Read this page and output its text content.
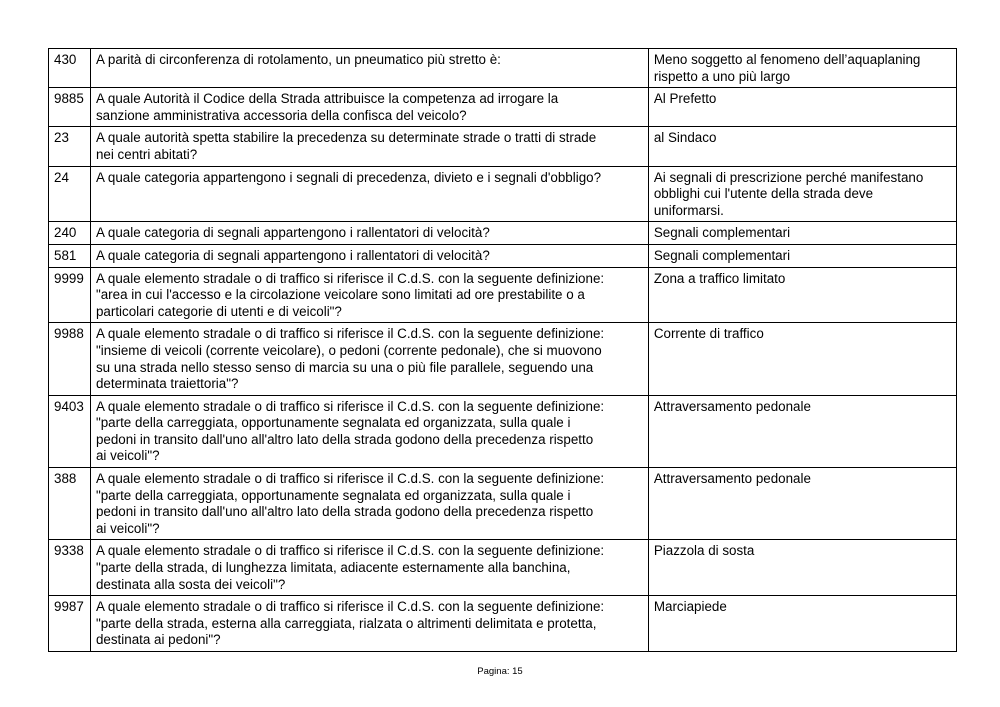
430	A parità di circonferenza di rotolamento, un pneumatico più stretto è:	Meno soggetto al fenomeno dell’aquaplaning
rispetto a uno più largo
9885	A quale Autorità il Codice della Strada attribuisce la competenza ad irrogare la
sanzione amministrativa accessoria della confisca del veicolo?	Al Prefetto
23	A quale autorità spetta stabilire la precedenza su determinate strade o tratti di strade
nei centri abitati?	al Sindaco
24	A quale categoria appartengono i segnali di precedenza, divieto e i segnali d'obbligo?	Ai segnali di prescrizione perché manifestano
obblighi cui l'utente della strada deve
uniformarsi.
240	A quale categoria di segnali appartengono i rallentatori di velocità?	Segnali complementari
581	A quale categoria di segnali appartengono i rallentatori di velocità?	Segnali complementari
9999	A quale elemento stradale o di traffico si riferisce il C.d.S. con la seguente definizione:
"area in cui l'accesso e la circolazione veicolare sono limitati ad ore prestabilite o a
particolari categorie di utenti e di veicoli"?	Zona a traffico limitato
9988	A quale elemento stradale o di traffico si riferisce il C.d.S. con la seguente definizione:
"insieme di veicoli (corrente veicolare), o pedoni (corrente pedonale), che si muovono
su una strada nello stesso senso di marcia su una o più file parallele, seguendo una
determinata traiettoria"?	Corrente di traffico
9403	A quale elemento stradale o di traffico si riferisce il C.d.S. con la seguente definizione:
"parte della carreggiata, opportunamente segnalata ed organizzata, sulla quale i
pedoni in transito dall'uno all'altro lato della strada godono della precedenza rispetto
ai veicoli"?	Attraversamento pedonale
388	A quale elemento stradale o di traffico si riferisce il C.d.S. con la seguente definizione:
"parte della carreggiata, opportunamente segnalata ed organizzata, sulla quale i
pedoni in transito dall'uno all'altro lato della strada godono della precedenza rispetto
ai veicoli"?	Attraversamento pedonale
9338	A quale elemento stradale o di traffico si riferisce il C.d.S. con la seguente definizione:
"parte della strada, di lunghezza limitata, adiacente esternamente alla banchina,
destinata alla sosta dei veicoli"?	Piazzola di sosta
9987	A quale elemento stradale o di traffico si riferisce il C.d.S. con la seguente definizione:
"parte della strada, esterna alla carreggiata, rialzata o altrimenti delimitata e protetta,
destinata ai pedoni"?	Marciapiede
Pagina: 15
